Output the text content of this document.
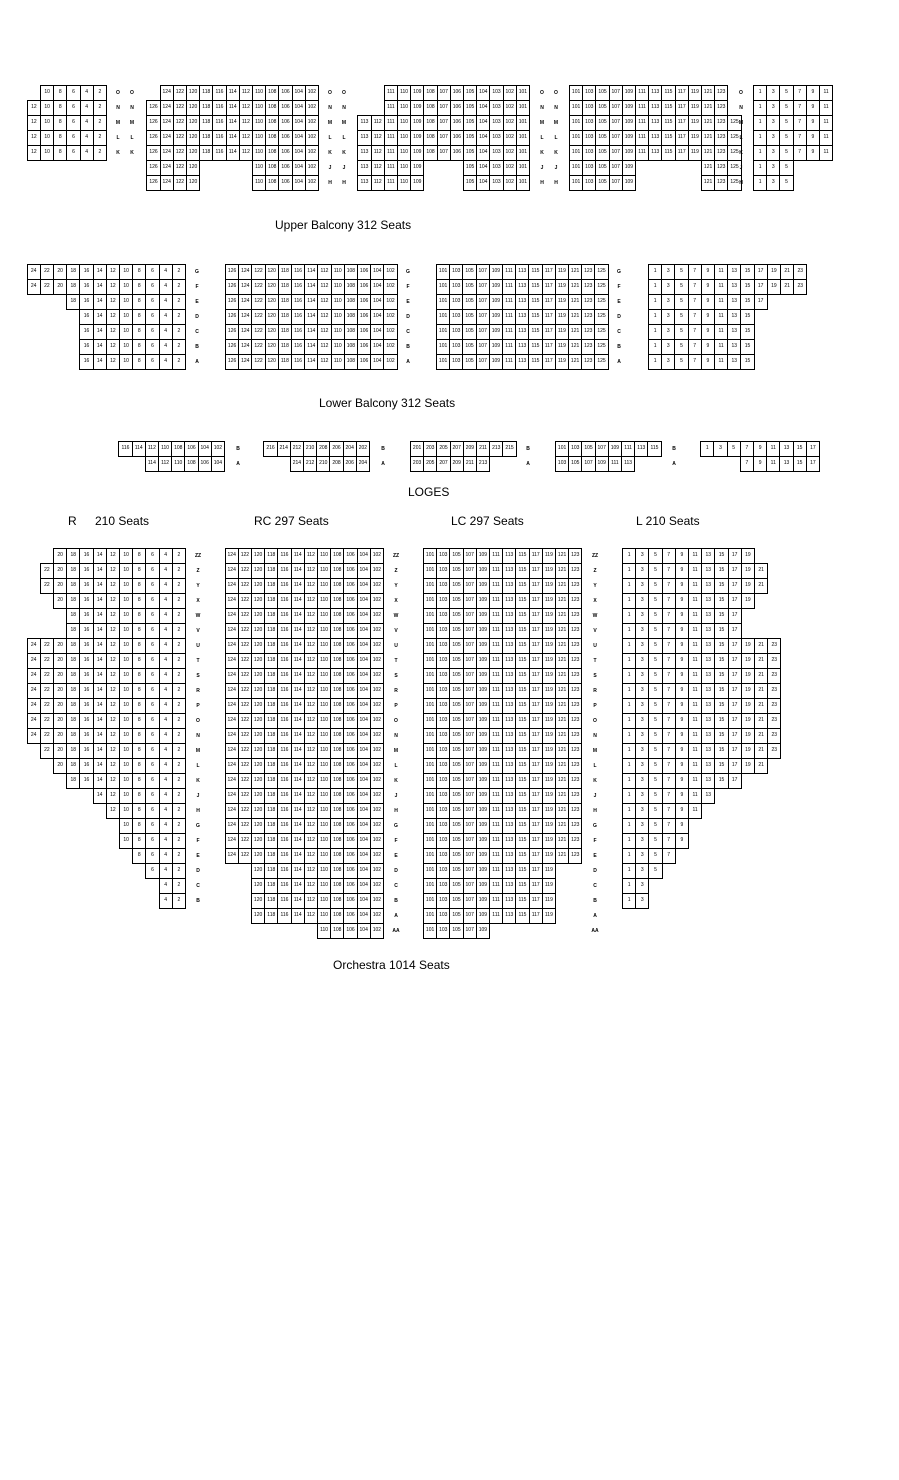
Upper Balcony 312 Seats
Lower Balcony 312 Seats
LOGES
R 210 Seats	RC 297 Seats	LC 297 Seats	L 210 Seats
Orchestra 1014 Seats
10	8	6	4	2	O	O
12	10	8	6	4	2	N	N
12	10	8	6	4	2	M	M
12	10	8	6	4	2	L	L
12	10	8	6	4	2	K	K
124 122 120	118	116	114	112	110	108 106 104 102	O	O
126 124 122 120	118	116	114	112	110	108 106 104 102	N	N
126 124 122 120	118	116	114	112	110	108 106 104 102	M	M
126 124 122 120	118	116	114	112	110	108 106 104 102	L	L
126 124 122 120	118	116	114	112	110	108 106 104 102	K	K
126 124 122 120	110	108 106 104 102	J	J
126 124 122 120	110	108 106 104 102	H	H
111	110	109 108 107 106 105 104 103 102 101	O	O
111	110	109 108 107 106 105 104 103 102 101	N	N
113	112	111	110	109 108 107 106 105 104 103 102 101	M	M
113	112	111	110	109 108 107 106 105 104 103 102 101	L	L
113	112	111	110	109 108 107 106 105 104 103 102 101	K	K
113	112	111	110	109	105 104 103 102 101	J	J
113	112	111	110	109	105 104 103 102 101	H	H
101 103 105 107 109	111	113	115	117	119	121 123	O
101 103 105 107 109	111	113	115	117	119	121 123	N
101 103 105 107 109	111	113	115	117	119	121 123 125 M
101 103 105 107 109	111	113	115	117	119	121 123 125 L
101 103 105 107 109	111	113	115	117	119	121 123 125 K
101 103 105 107 109	121 123 125 J
101 103 105 107 109	121 123 125 H
1	3	5	7	9	11
1	3	5	7	9	11
1	3	5	7	9	11
1	3	5	7	9	11
1	3	5	7	9	11
1	3	5
1	3	5
24	22	20	18	16	14	12	10	8	6	4	2	G
24	22	20	18	16	14	12	10	8	6	4	2	F
18	16	14	12	10	8	6	4	2	E
16	14	12	10	8	6	4	2	D
16	14	12	10	8	6	4	2	C
16	14	12	10	8	6	4	2	B
16	14	12	10	8	6	4	2	A
126 124 122 120	118	116	114	112	110	108 106 104 102	G
126 124 122 120	118	116	114	112	110	108 106 104 102	F
126 124 122 120	118	116	114	112	110	108 106 104 102	E
126 124 122 120	118	116	114	112	110	108 106 104 102	D
126 124 122 120	118	116	114	112	110	108 106 104 102	C
126 124 122 120	118	116	114	112	110	108 106 104 102	B
126 124 122 120	118	116	114	112	110	108 106 104 102	A
101 103 105 107 109	111	113	115	117	119	121 123 125	G
101 103 105 107 109	111	113	115	117	119	121 123 125	F
101 103 105 107 109	111	113	115	117	119	121 123 125	E
101 103 105 107 109	111	113	115	117	119	121 123 125	D
101 103 105 107 109	111	113	115	117	119	121 123 125	C
101 103 105 107 109	111	113	115	117	119	121 123 125	B
101 103 105 107 109	111	113	115	117	119	121 123 125	A
1	3	5	7	9	11	13	15	17	19	21	23
1	3	5	7	9	11	13	15	17	19	21	23
1	3	5	7	9	11	13	15	17
1	3	5	7	9	11	13	15
1	3	5	7	9	11	13	15
1	3	5	7	9	11	13	15
1	3	5	7	9	11	13	15
116	114	112	110	108 106 104 102	B
114	112	110	108 106 104	A
216 214 212 210 208 206 204 202	B
214 212 210 208 206 204	A
201 203 205 207 209	211	213 215	B
203 205 207 209	211	213	A
101 103 105 107 109	111	113	115	B
103 105 107 109	111	113	A
1	3	5	7	9	11	13	15	17
7	9	11	13	15	17
20	18	16	14	12	10	8	6	4	2	ZZ
22	20	18	16	14	12	10	8	6	4	2	Z
22	20	18	16	14	12	10	8	6	4	2	Y
20	18	16	14	12	10	8	6	4	2	X
18	16	14	12	10	8	6	4	2	W
18	16	14	12	10	8	6	4	2	V
24	22	20	18	16	14	12	10	8	6	4	2	U
24	22	20	18	16	14	12	10	8	6	4	2	T
24	22	20	18	16	14	12	10	8	6	4	2	S
24	22	20	18	16	14	12	10	8	6	4	2	R
24	22	20	18	16	14	12	10	8	6	4	2	P
24	22	20	18	16	14	12	10	8	6	4	2	O
24	22	20	18	16	14	12	10	8	6	4	2	N
22	20	18	16	14	12	10	8	6	4	2	M
20	18	16	14	12	10	8	6	4	2	L
18	16	14	12	10	8	6	4	2	K
14	12	10	8	6	4	2	J
12	10	8	6	4	2	H
10	8	6	4	2	G
10	8	6	4	2	F
8	6	4	2	E
6	4	2	D
4	2	C
4	2	B
124 122 120	118	116	114	112	110	108 106 104 102	ZZ
124 122 120	118	116	114	112	110	108 106 104 102	Z
124 122 120	118	116	114	112	110	108 106 104 102	Y
124 122 120	118	116	114	112	110	108 106 104 102	X
124 122 120	118	116	114	112	110	108 106 104 102	W
124 122 120	118	116	114	112	110	108 106 104 102	V
124 122 120	118	116	114	112	110	108 106 104 102	U
124 122 120	118	116	114	112	110	108 106 104 102	T
124 122 120	118	116	114	112	110	108 106 104 102	S
124 122 120	118	116	114	112	110	108 106 104 102	R
124 122 120	118	116	114	112	110	108 106 104 102	P
124 122 120	118	116	114	112	110	108 106 104 102	O
124 122 120	118	116	114	112	110	108 106 104 102	N
124 122 120	118	116	114	112	110	108 106 104 102	M
124 122 120	118	116	114	112	110	108 106 104 102	L
124 122 120	118	116	114	112	110	108 106 104 102	K
124 122 120	118	116	114	112	110	108 106 104 102	J
124 122 120	118	116	114	112	110	108 106 104 102	H
124 122 120	118	116	114	112	110	108 106 104 102	G
124 122 120	118	116	114	112	110	108 106 104 102	F
124 122 120	118	116	114	112	110	108 106 104 102	E
120	118	116	114	112	110	108 106 104 102	D
120	118	116	114	112	110	108 106 104 102	C
120	118	116	114	112	110	108 106 104 102	B
120	118	116	114	112	110	108 106 104 102	A
110	108 106 104 102	AA
101 103 105 107 109	111	113	115	117	119	121 123	ZZ
101 103 105 107 109	111	113	115	117	119	121 123	Z
101 103 105 107 109	111	113	115	117	119	121 123	Y
101 103 105 107 109	111	113	115	117	119	121 123	X
101 103 105 107 109	111	113	115	117	119	121 123	W
101 103 105 107 109	111	113	115	117	119	121 123	V
101 103 105 107 109	111	113	115	117	119	121 123	U
101 103 105 107 109	111	113	115	117	119	121 123	T
101 103 105 107 109	111	113	115	117	119	121 123	S
101 103 105 107 109	111	113	115	117	119	121 123	R
101 103 105 107 109	111	113	115	117	119	121 123	P
101 103 105 107 109	111	113	115	117	119	121 123	O
101 103 105 107 109	111	113	115	117	119	121 123	N
101 103 105 107 109	111	113	115	117	119	121 123	M
101 103 105 107 109	111	113	115	117	119	121 123	L
101 103 105 107 109	111	113	115	117	119	121 123	K
101 103 105 107 109	111	113	115	117	119	121 123	J
101 103 105 107 109	111	113	115	117	119	121 123	H
101 103 105 107 109	111	113	115	117	119	121 123	G
101 103 105 107 109	111	113	115	117	119	121 123	F
101 103 105 107 109	111	113	115	117	119	121 123	E
101 103 105 107 109	111	113	115	117	119	D
101 103 105 107 109	111	113	115	117	119	C
101 103 105 107 109	111	113	115	117	119	B
101 103 105 107 109	111	113	115	117	119	A
101 103 105 107 109	AA
1	3	5	7	9	11	13	15	17	19
1	3	5	7	9	11	13	15	17	19	21
1	3	5	7	9	11	13	15	17	19	21
1	3	5	7	9	11	13	15	17	19
1	3	5	7	9	11	13	15	17
1	3	5	7	9	11	13	15	17
1	3	5	7	9	11	13	15	17	19	21	23
1	3	5	7	9	11	13	15	17	19	21	23
1	3	5	7	9	11	13	15	17	19	21	23
1	3	5	7	9	11	13	15	17	19	21	23
1	3	5	7	9	11	13	15	17	19	21	23
1	3	5	7	9	11	13	15	17	19	21	23
1	3	5	7	9	11	13	15	17	19	21	23
1	3	5	7	9	11	13	15	17	19	21	23
1	3	5	7	9	11	13	15	17	19	21
1	3	5	7	9	11	13	15	17
1	3	5	7	9	11	13
1	3	5	7	9	11
1	3	5	7	9
1	3	5	7	9
1	3	5	7
1	3	5
1	3
1	3
